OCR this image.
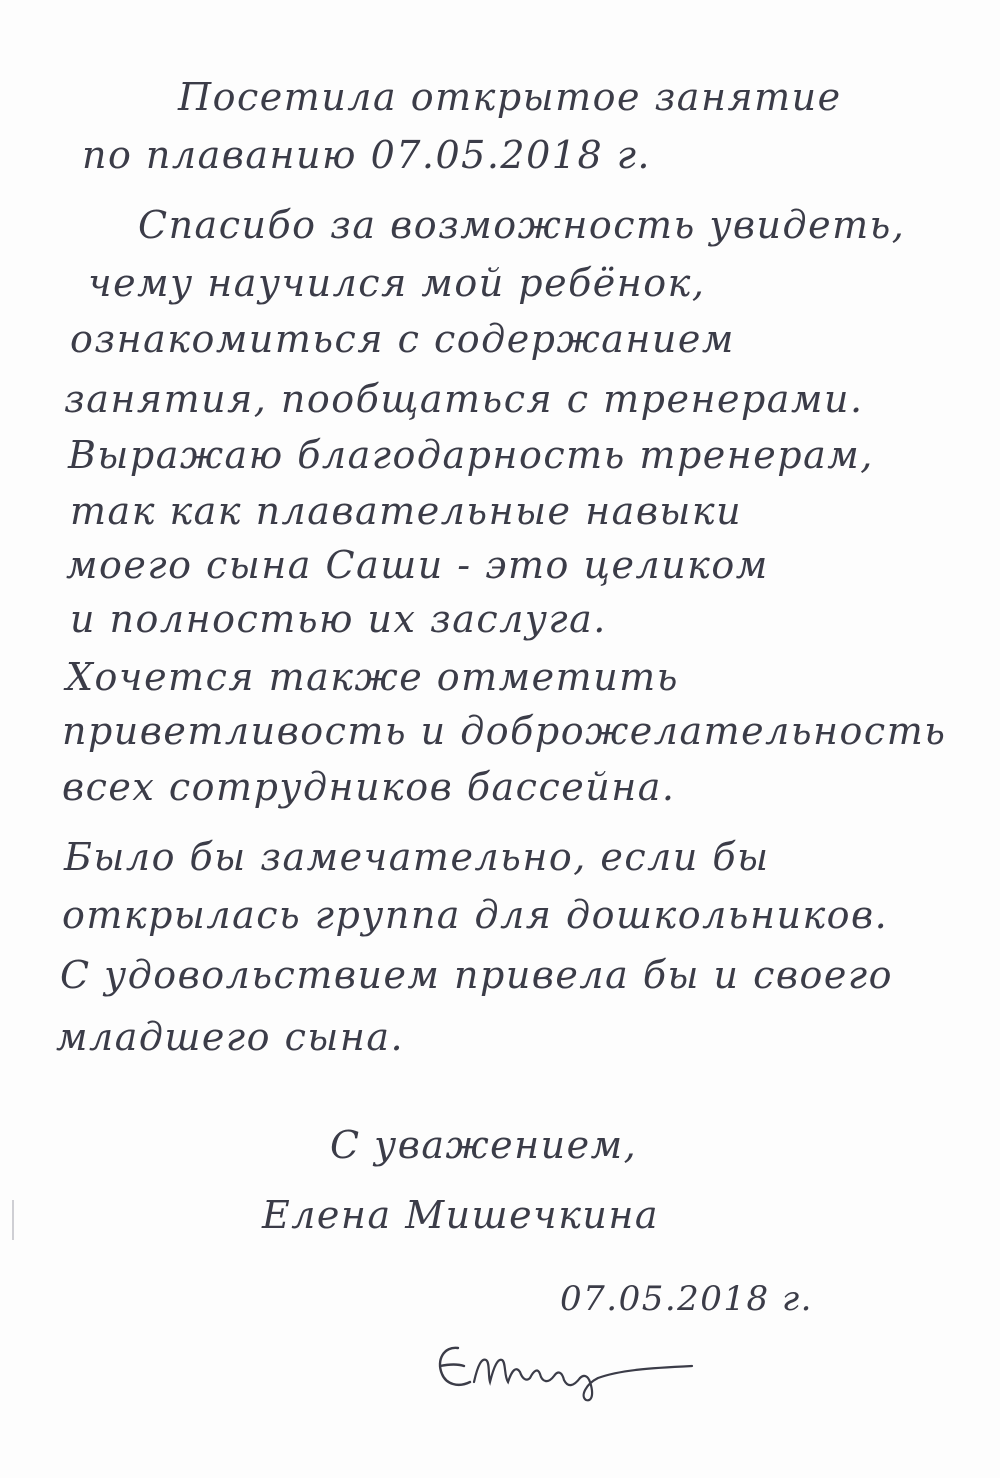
Посетила открытое занятие
по плаванию 07.05.2018 г.
Спасибо за возможность увидеть,
чему научился мой ребёнок,
ознакомиться с содержанием
занятия, пообщаться с тренерами.
Выражаю благодарность тренерам,
так как плавательные навыки
моего сына Саши - это целиком
и полностью их заслуга.
Хочется также отметить
приветливость и доброжелательность
всех сотрудников бассейна.
Было бы замечательно, если бы
открылась группа для дошкольников.
С удовольствием привела бы и своего
младшего сына.
С уважением,
Елена Мишечкина
07.05.2018 г.
